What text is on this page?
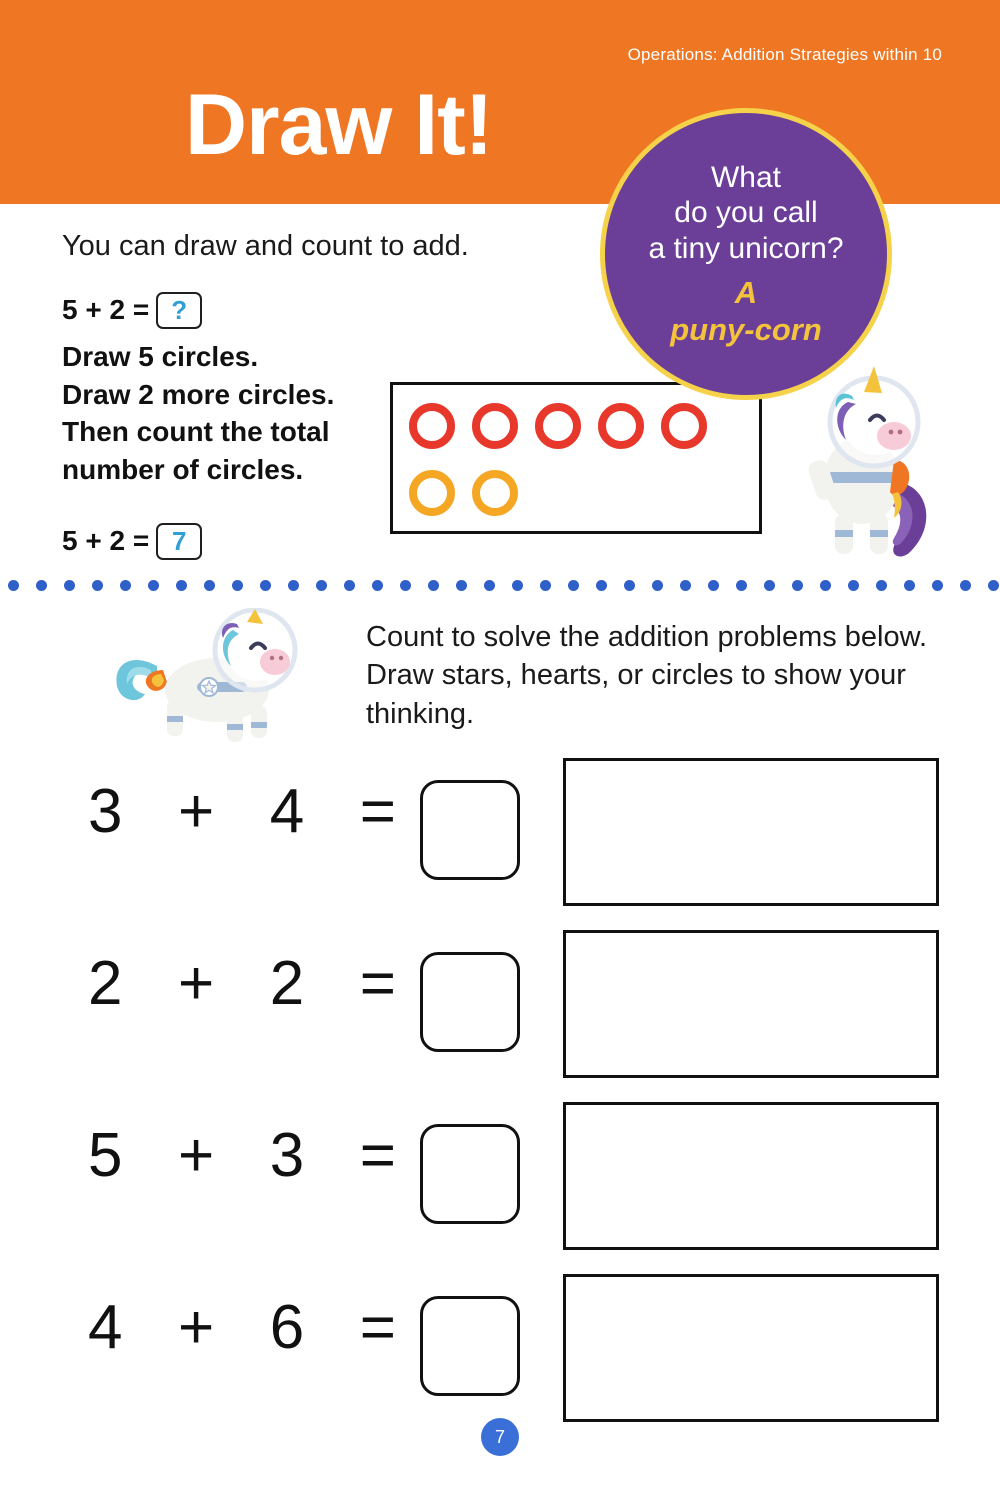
Operations: Addition Strategies within 10
Draw It!
What
do you call
a tiny unicorn?
A
puny-corn
You can draw and count to add.
5 + 2 = ?
Draw 5 circles.
Draw 2 more circles.
Then count the total
number of circles.
5 + 2 = 7
Count to solve the addition problems below. Draw stars, hearts, or circles to show your thinking.
3 + 4 =
2 + 2 =
5 + 3 =
4 + 6 =
7
